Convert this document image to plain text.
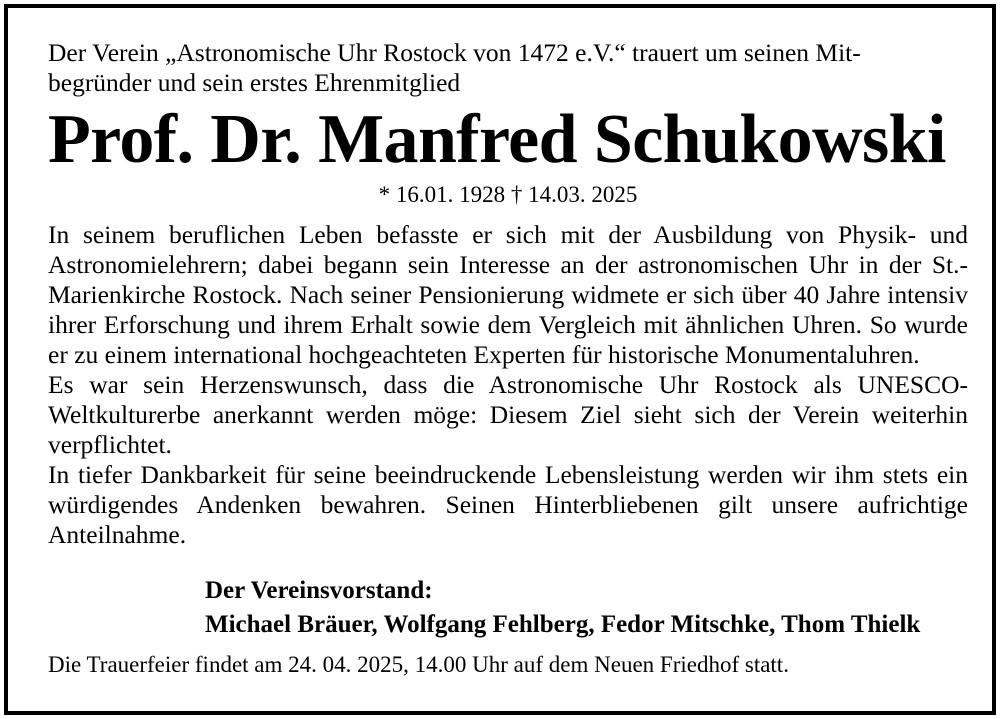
Der Verein „Astronomische Uhr Rostock von 1472 e.V.“ trauert um seinen Mit-
begründer und sein erstes Ehrenmitglied

Prof. Dr. Manfred Schukowski
* 16.01. 1928 † 14.03. 2025

In seinem beruflichen Leben befasste er sich mit der Ausbildung von Physik- und Astronomielehrern; dabei begann sein Interesse an der astronomischen Uhr in der St.-Marienkirche Rostock. Nach seiner Pensionierung widmete er sich über 40 Jahre intensiv ihrer Erforschung und ihrem Erhalt sowie dem Vergleich mit ähnlichen Uhren. So wurde er zu einem international hochgeachteten Experten für historische Monumentaluhren.

Es war sein Herzenswunsch, dass die Astronomische Uhr Rostock als UNESCO-Weltkulturerbe anerkannt werden möge: Diesem Ziel sieht sich der Verein weiterhin verpflichtet.

In tiefer Dankbarkeit für seine beeindruckende Lebensleistung werden wir ihm stets ein würdigendes Andenken bewahren. Seinen Hinterbliebenen gilt unsere aufrichtige Anteilnahme.

Der Vereinsvorstand:
Michael Bräuer, Wolfgang Fehlberg, Fedor Mitschke, Thom Thielk
Die Trauerfeier findet am 24. 04. 2025, 14.00 Uhr auf dem Neuen Friedhof statt.
